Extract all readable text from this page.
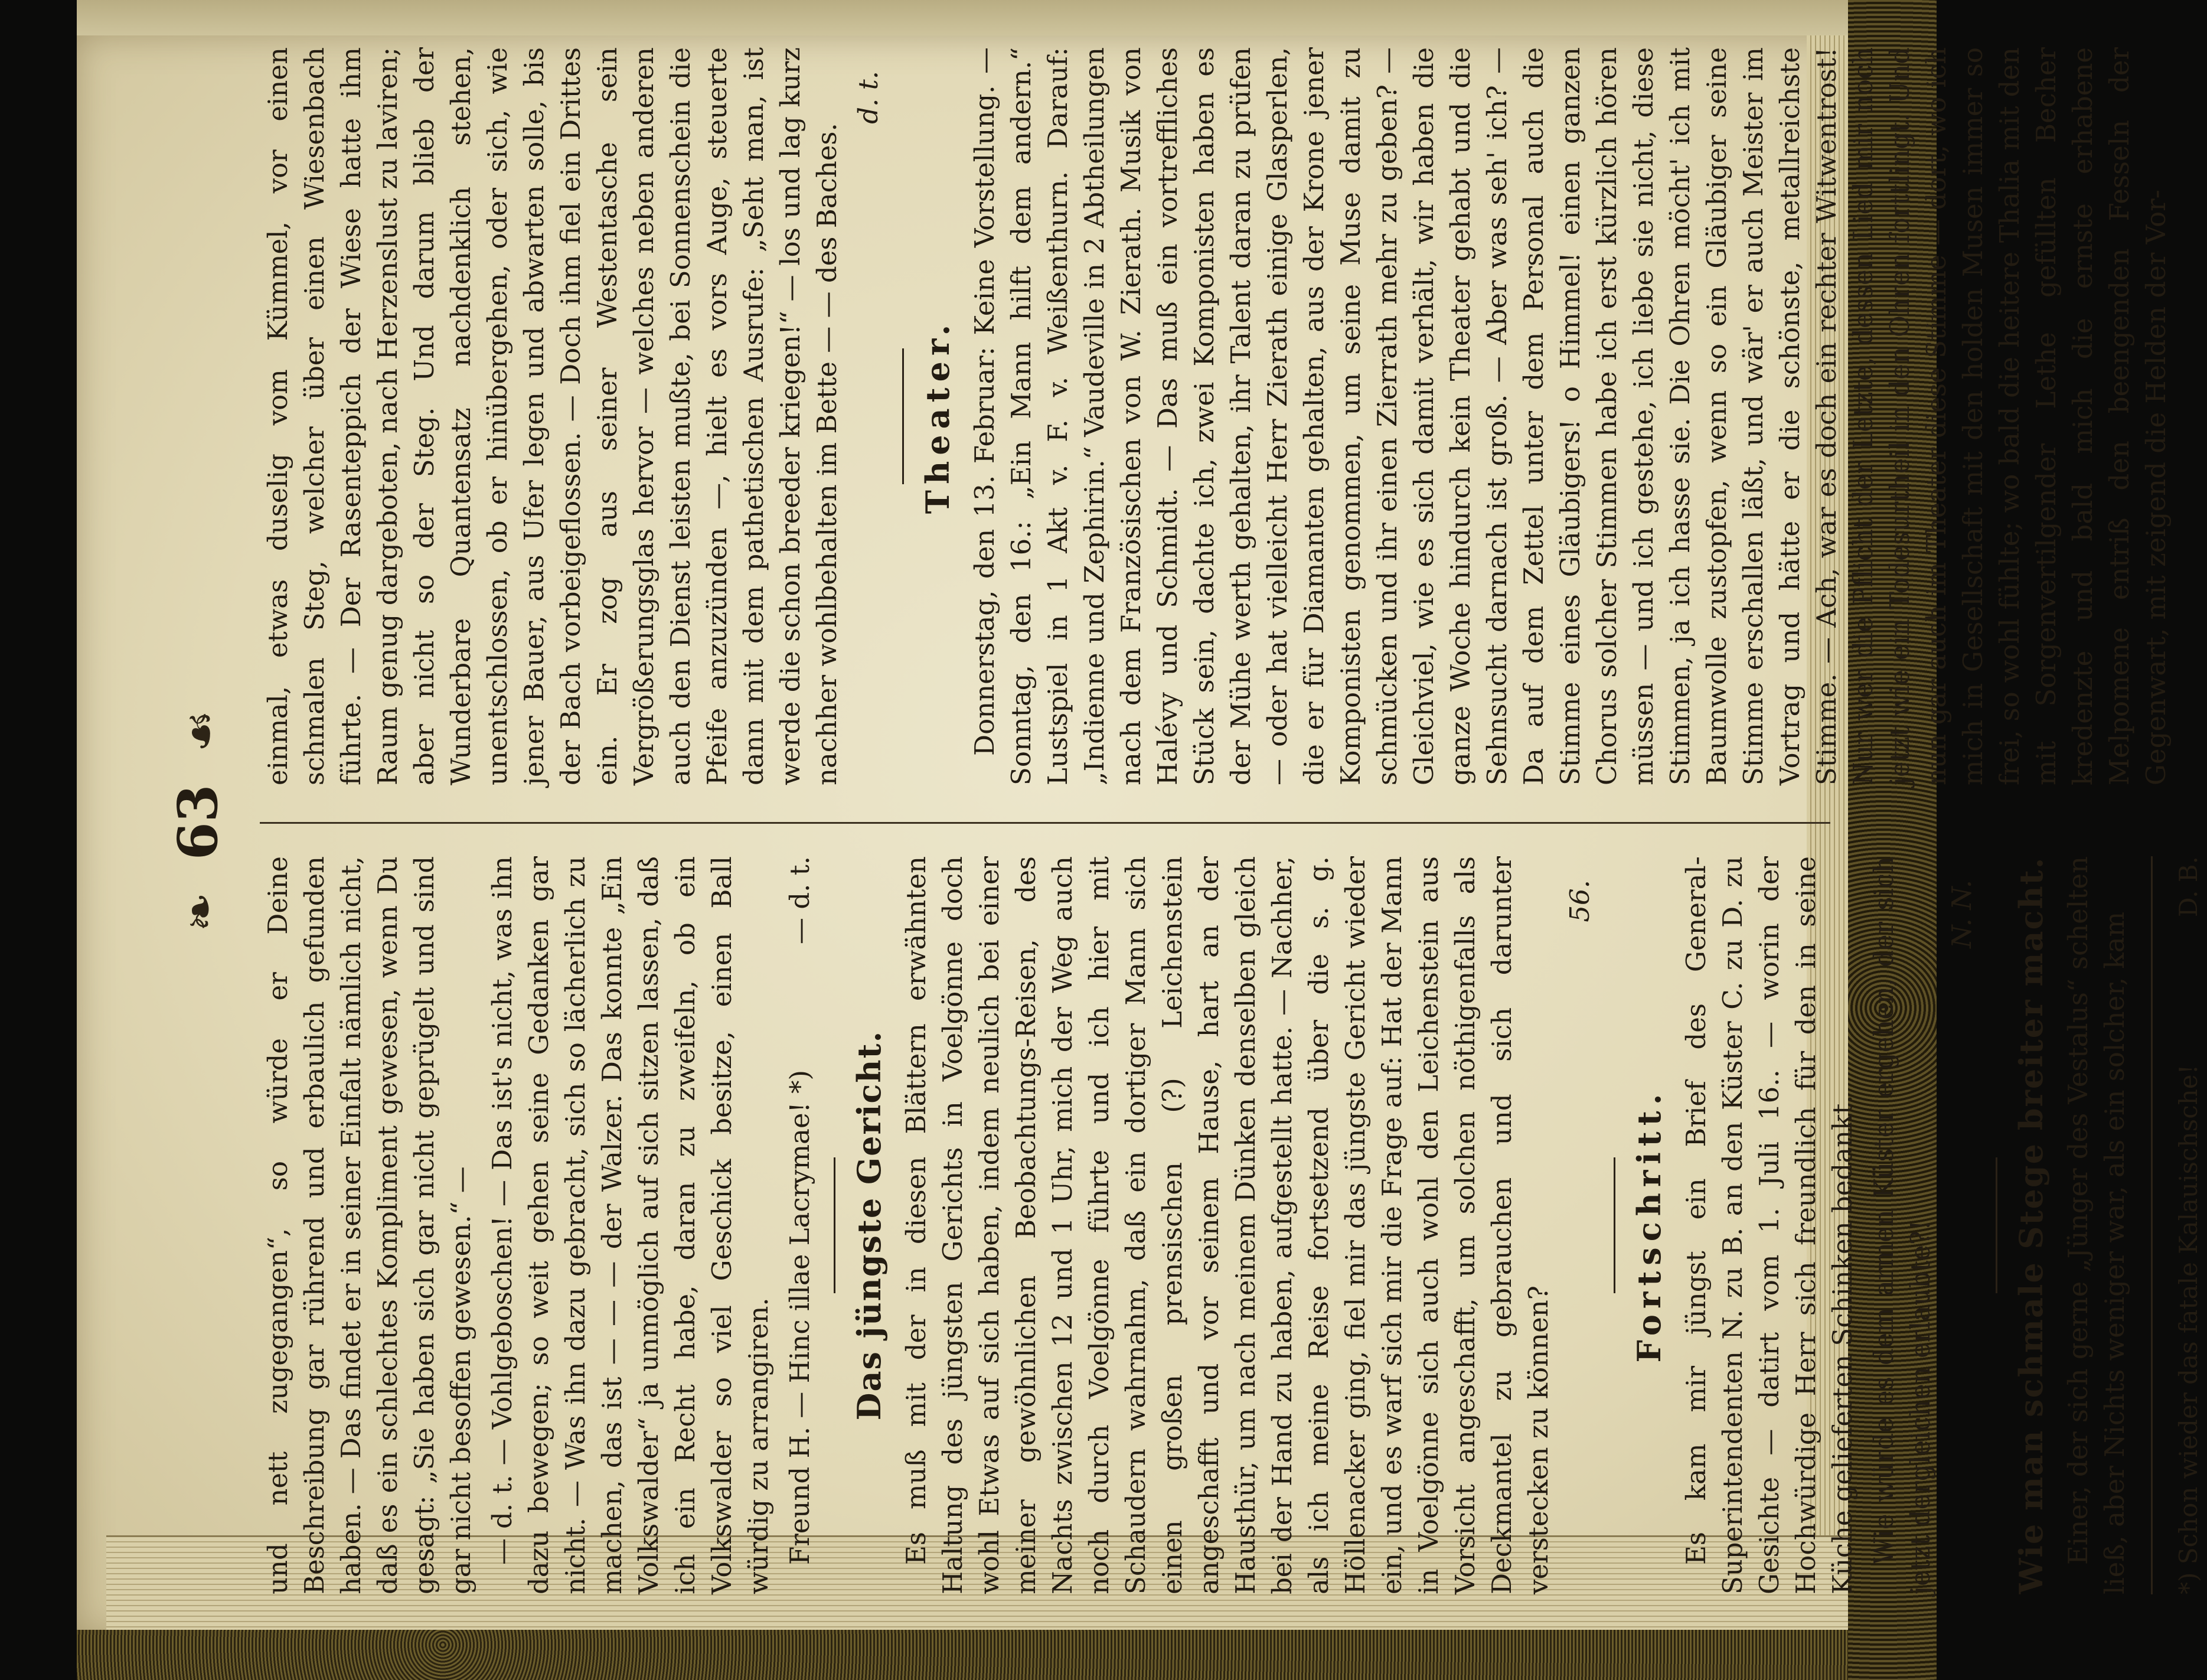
❧ 63 ☙

und nett zugegangen“, so würde er Deine Beschreibung gar rührend und erbaulich gefunden haben. — Das findet er in seiner Einfalt nämlich nicht, daß es ein schlechtes Kompliment gewesen, wenn Du gesagt: „Sie haben sich gar nicht geprügelt und sind gar nicht besoffen gewesen.“ — — d. t. — Vohlgeboschen! — Das ist's nicht, was ihn dazu bewegen; so weit gehen seine Gedanken gar nicht. — Was ihn dazu gebracht, sich so lächerlich zu machen, das ist — — — der Walzer. Das konnte „Ein Volkswalder“ ja unmöglich auf sich sitzen lassen, daß ich ein Recht habe, daran zu zweifeln, ob ein Volkswalder so viel Geschick besitze, einen Ball würdig zu arrangiren. Freund H. — Hinc illae Lacrymae! *)
— d. t.

Das jüngste Gericht. Es muß mit der in diesen Blättern erwähnten Haltung des jüngsten Gerichts in Voelgönne doch wohl Etwas auf sich haben, indem neulich bei einer meiner gewöhnlichen Beobachtungs-Reisen, des Nachts zwischen 12 und 1 Uhr, mich der Weg auch noch durch Voelgönne führte und ich hier mit Schaudern wahrnahm, daß ein dortiger Mann sich einen großen prensischen (?) Leichenstein angeschafft und vor seinem Hause, hart an der Hausthür, um nach meinem Dünken denselben gleich bei der Hand zu haben, aufgestellt hatte. — Nachher, als ich meine Reise fortsetzend über die s. g. Höllenacker ging, fiel mir das jüngste Gericht wieder ein, und es warf sich mir die Frage auf: Hat der Mann in Voelgönne sich auch wohl den Leichenstein aus Vorsicht angeschafft, um solchen nöthigenfalls als Deckmantel zu gebrauchen und sich darunter verstecken zu können?

56.
Fortschritt. Es kam mir jüngst ein Brief des General-Superintendenten N. zu B. an den Küster C. zu D. zu Gesichte — datirt vom 1. Juli 16.. — worin der Hochwürdige Herr sich freundlich für den in seine Küche gelieferten Schinken bedankt. Wie würde es dem armen Küster ergehen, der sich jetzt dergleichen erlaubte?!

N. N. Wie man schmale Stege breiter macht. Einer, der sich gerne „Jünger des Vestalus“ schelten ließ, aber Nichts weniger war, als ein solcher, kam *) Schon wieder das fatale Kalauischsche!
D. B.

einmal, etwas duselig vom Kümmel, vor einen schmalen Steg, welcher über einen Wiesenbach führte. — Der Rasenteppich der Wiese hatte ihm Raum genug dargeboten, nach Herzenslust zu laviren; aber nicht so der Steg. Und darum blieb der Wunderbare Quantensatz nachdenklich stehen, unentschlossen, ob er hinübergehen, oder sich, wie jener Bauer, aus Ufer legen und abwarten solle, bis der Bach vorbeigeflossen. — Doch ihm fiel ein Drittes ein. Er zog aus seiner Westentasche sein Vergrößerungsglas hervor — welches neben anderen auch den Dienst leisten mußte, bei Sonnenschein die Pfeife anzuzünden —, hielt es vors Auge, steuerte dann mit dem pathetischen Ausrufe: „Seht man, ist werde die schon breeder kriegen!“ — los und lag kurz nachher wohlbehalten im Bette — — des Baches.

d. t.
Theater. Donnerstag, den 13. Februar: Keine Vorstellung. — Sonntag, den 16.: „Ein Mann hilft dem andern.“ Lustspiel in 1 Akt v. F. v. Weißenthurn. Darauf: „Indienne und Zephirin.“ Vaudeville in 2 Abtheilungen nach dem Französischen von W. Zierath. Musik von Halévy und Schmidt. — Das muß ein vortreffliches Stück sein, dachte ich, zwei Komponisten haben es der Mühe werth gehalten, ihr Talent daran zu prüfen — oder hat vielleicht Herr Zierath einige Glasperlen, die er für Diamanten gehalten, aus der Krone jener Komponisten genommen, um seine Muse damit zu schmücken und ihr einen Zierrath mehr zu geben? — Gleichviel, wie es sich damit verhält, wir haben die ganze Woche hindurch kein Theater gehabt und die Sehnsucht darnach ist groß. — Aber was seh' ich? — Da auf dem Zettel unter dem Personal auch die Stimme eines Gläubigers! o Himmel! einen ganzen Chorus solcher Stimmen habe ich erst kürzlich hören müssen — und ich gestehe, ich liebe sie nicht, diese Stimmen, ja ich hasse sie. Die Ohren möcht' ich mit Baumwolle zustopfen, wenn so ein Gläubiger seine Stimme erschallen läßt, und wär' er auch Meister im Vortrag und hätte er die schönste, metallreichste Stimme. — Ach, war es doch ein rechter Witwentrost! Nur wer die Pflicht der Letzte, dessen Lied mir noch jetzt wie ein Todesurtheil in den Ohren forttlingt. Und nun gar auch im Theater diese Stimme — dort, wo ich mich in Gesellschaft mit den holden Musen immer so frei, so wohl fühlte; wo bald die heitere Thalia mit den mit Sorgenvertilgender Lethe gefüllten Becher kredenzte und bald mich die ernste erhabene Melpomene entriß den beengenden Fesseln der Gegenwart, mit zeigend die Helden der Vor-
